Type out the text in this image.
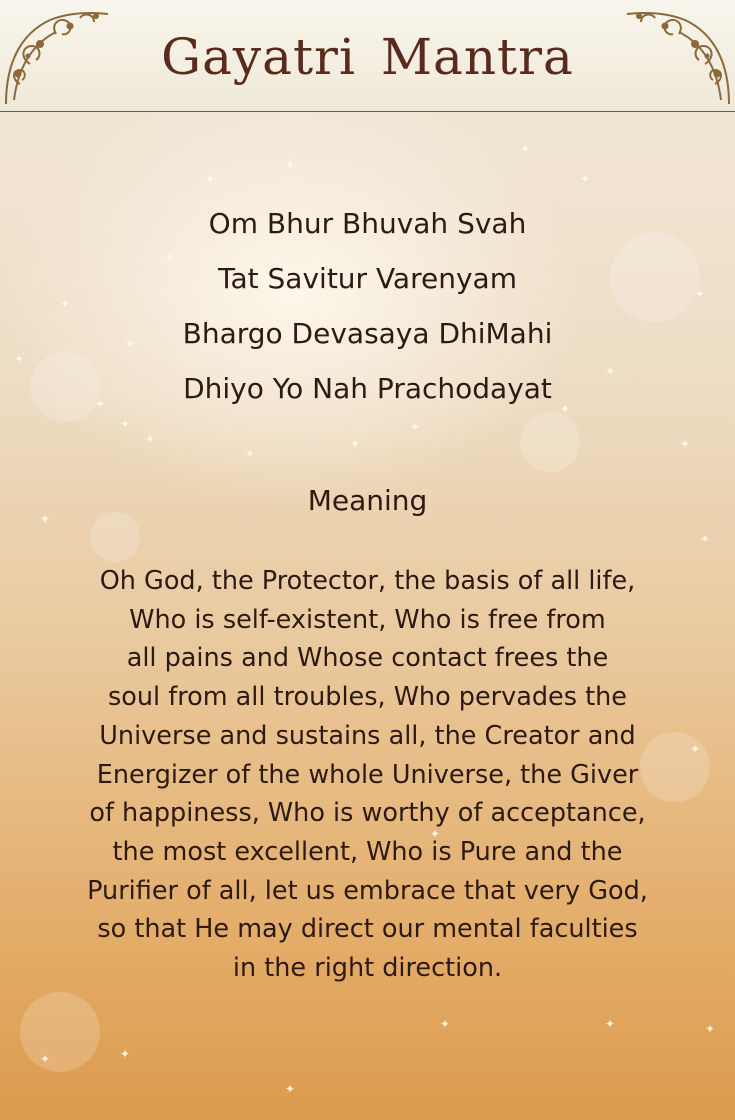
Gayatri Mantra
✦
✦
✦
✦
✦
✦
✦
✦
✦
✦
✦
✦
✦
✦
✦
✦
✦
✦
✦
✦
✦
✦
✦
✦
✦
✦
✦	✦
Om Bhur Bhuvah Svah
Tat Savitur Varenyam
Bhargo Devasaya DhiMahi
Dhiyo Yo Nah Prachodayat
Meaning
Oh God, the Protector, the basis of all life,
Who is self-existent, Who is free from
all pains and Whose contact frees the
soul from all troubles, Who pervades the
Universe and sustains all, the Creator and
Energizer of the whole Universe, the Giver
of happiness, Who is worthy of acceptance,
the most excellent, Who is Pure and the
Purifier of all, let us embrace that very God,
so that He may direct our mental faculties
in the right direction.
